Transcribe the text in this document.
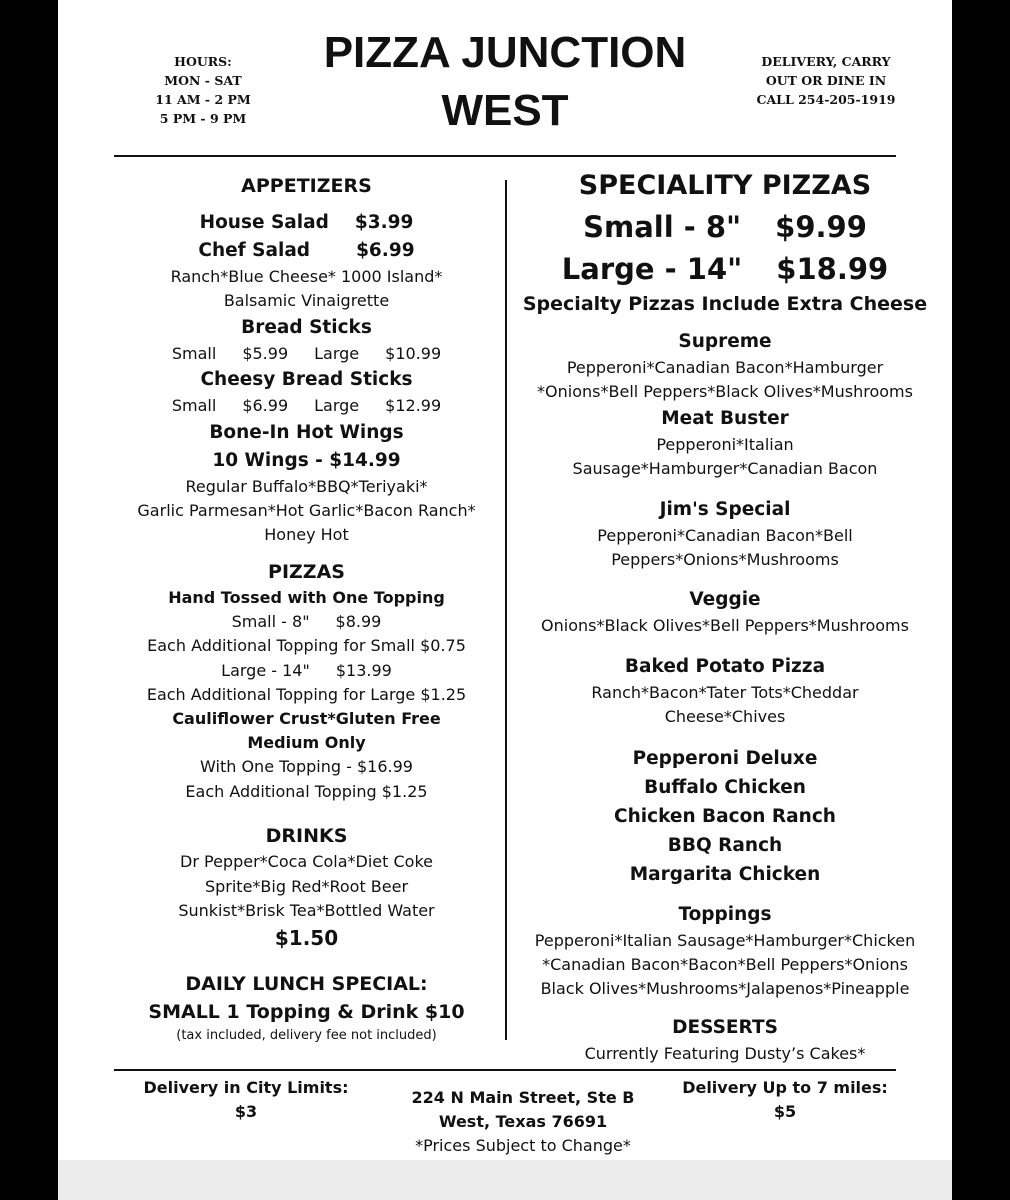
HOURS:
MON - SAT
11 AM - 2 PM
5 PM - 9 PM
PIZZA JUNCTION
WEST
DELIVERY, CARRY
OUT OR DINE IN
CALL 254-205-1919
APPETIZERS
House Salad $3.99
Chef Salad $6.99
Ranch*Blue Cheese* 1000 Island*
Balsamic Vinaigrette
Bread Sticks
Small $5.99 Large $10.99
Cheesy Bread Sticks
Small $6.99 Large $12.99
Bone-In Hot Wings
10 Wings - $14.99
Regular Buffalo*BBQ*Teriyaki*
Garlic Parmesan*Hot Garlic*Bacon Ranch*
Honey Hot
PIZZAS
Hand Tossed with One Topping
Small - 8" $8.99
Each Additional Topping for Small $0.75
Large - 14" $13.99
Each Additional Topping for Large $1.25
Cauliflower Crust*Gluten Free
Medium Only
With One Topping - $16.99
Each Additional Topping $1.25
DRINKS
Dr Pepper*Coca Cola*Diet Coke
Sprite*Big Red*Root Beer
Sunkist*Brisk Tea*Bottled Water
$1.50
DAILY LUNCH SPECIAL:
SMALL 1 Topping & Drink $10
(tax included, delivery fee not included)
SPECIALITY PIZZAS
Small - 8" $9.99
Large - 14" $18.99
Specialty Pizzas Include Extra Cheese
Supreme
Pepperoni*Canadian Bacon*Hamburger
*Onions*Bell Peppers*Black Olives*Mushrooms
Meat Buster
Pepperoni*Italian
Sausage*Hamburger*Canadian Bacon
Jim's Special
Pepperoni*Canadian Bacon*Bell
Peppers*Onions*Mushrooms
Veggie
Onions*Black Olives*Bell Peppers*Mushrooms
Baked Potato Pizza
Ranch*Bacon*Tater Tots*Cheddar
Cheese*Chives
Pepperoni Deluxe
Buffalo Chicken
Chicken Bacon Ranch
BBQ Ranch
Margarita Chicken
Toppings
Pepperoni*Italian Sausage*Hamburger*Chicken
*Canadian Bacon*Bacon*Bell Peppers*Onions
Black Olives*Mushrooms*Jalapenos*Pineapple
DESSERTS
Currently Featuring Dusty’s Cakes*
Delivery in City Limits:
$3
224 N Main Street, Ste B
West, Texas 76691
*Prices Subject to Change*
Delivery Up to 7 miles:
$5
